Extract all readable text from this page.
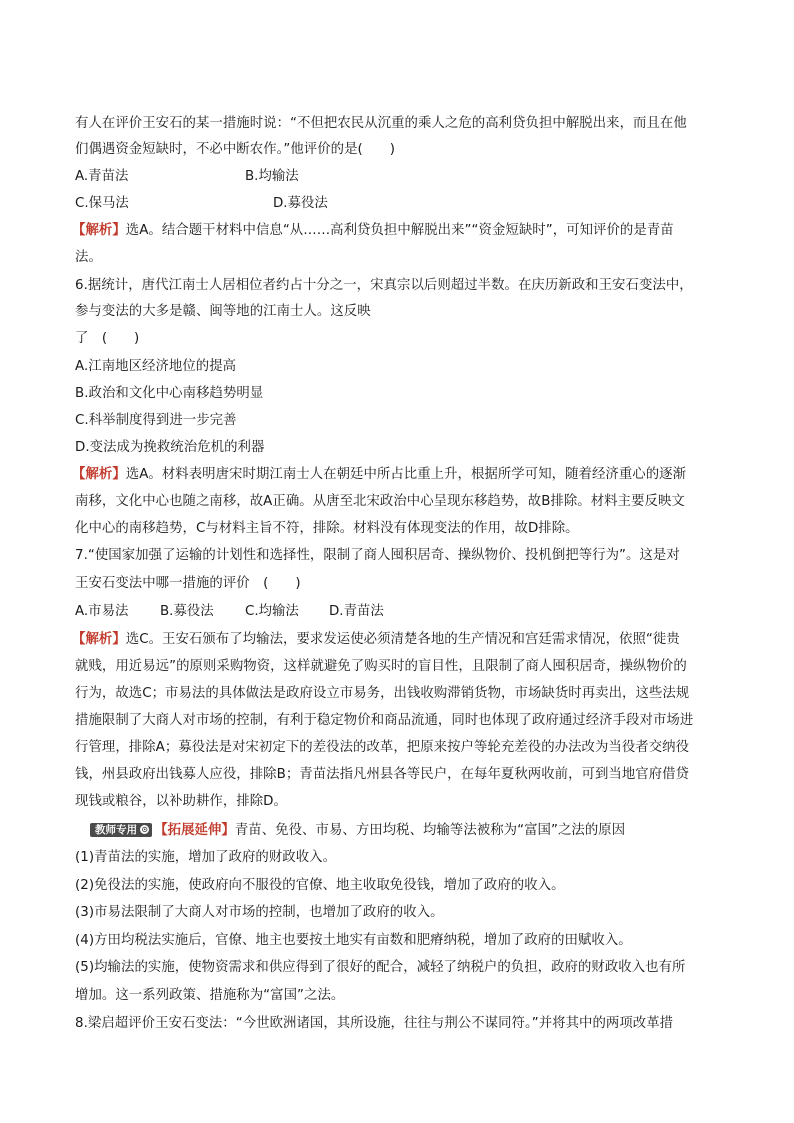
有人在评价王安石的某一措施时说：“不但把农民从沉重的乘人之危的高利贷负担中解脱出来，而且在他
们偶遇资金短缺时，不必中断农作。”他评价的是(　　)
A.青苗法	B.均输法
C.保马法	D.募役法
【解析】选A。结合题干材料中信息“从……高利贷负担中解脱出来”“资金短缺时”，可知评价的是青苗
法。
6.据统计，唐代江南士人居相位者约占十分之一，宋真宗以后则超过半数。在庆历新政和王安石变法中，
参与变法的大多是赣、闽等地的江南士人。这反映
了　(　　)
A.江南地区经济地位的提高
B.政治和文化中心南移趋势明显
C.科举制度得到进一步完善
D.变法成为挽救统治危机的利器
【解析】选A。材料表明唐宋时期江南士人在朝廷中所占比重上升，根据所学可知，随着经济重心的逐渐
南移，文化中心也随之南移，故A正确。从唐至北宋政治中心呈现东移趋势，故B排除。材料主要反映文
化中心的南移趋势，C与材料主旨不符，排除。材料没有体现变法的作用，故D排除。
7.“使国家加强了运输的计划性和选择性，限制了商人囤积居奇、操纵物价、投机倒把等行为”。这是对
王安石变法中哪一措施的评价　(　　)
A.市易法 B.募役法 C.均输法 D.青苗法
【解析】选C。王安石颁布了均输法，要求发运使必须清楚各地的生产情况和宫廷需求情况，依照“徙贵
就贱，用近易远”的原则采购物资，这样就避免了购买时的盲目性，且限制了商人囤积居奇，操纵物价的
行为，故选C；市易法的具体做法是政府设立市易务，出钱收购滞销货物，市场缺货时再卖出，这些法规
措施限制了大商人对市场的控制，有利于稳定物价和商品流通，同时也体现了政府通过经济手段对市场进
行管理，排除A；募役法是对宋初定下的差役法的改革，把原来按户等轮充差役的办法改为当役者交纳役
钱，州县政府出钱募人应役，排除B；青苗法指凡州县各等民户，在每年夏秋两收前，可到当地官府借贷
现钱或粮谷，以补助耕作，排除D。
教师专用 ⊙ 【拓展延伸】青苗、免役、市易、方田均税、均输等法被称为“富国”之法的原因
(1)青苗法的实施，增加了政府的财政收入。
(2)免役法的实施，使政府向不服役的官僚、地主收取免役钱，增加了政府的收入。
(3)市易法限制了大商人对市场的控制，也增加了政府的收入。
(4)方田均税法实施后，官僚、地主也要按土地实有亩数和肥瘠纳税，增加了政府的田赋收入。
(5)均输法的实施，使物资需求和供应得到了很好的配合，减轻了纳税户的负担，政府的财政收入也有所
增加。这一系列政策、措施称为“富国”之法。
8.梁启超评价王安石变法：“今世欧洲诸国，其所设施，往往与荆公不谋同符。”并将其中的两项改革措
